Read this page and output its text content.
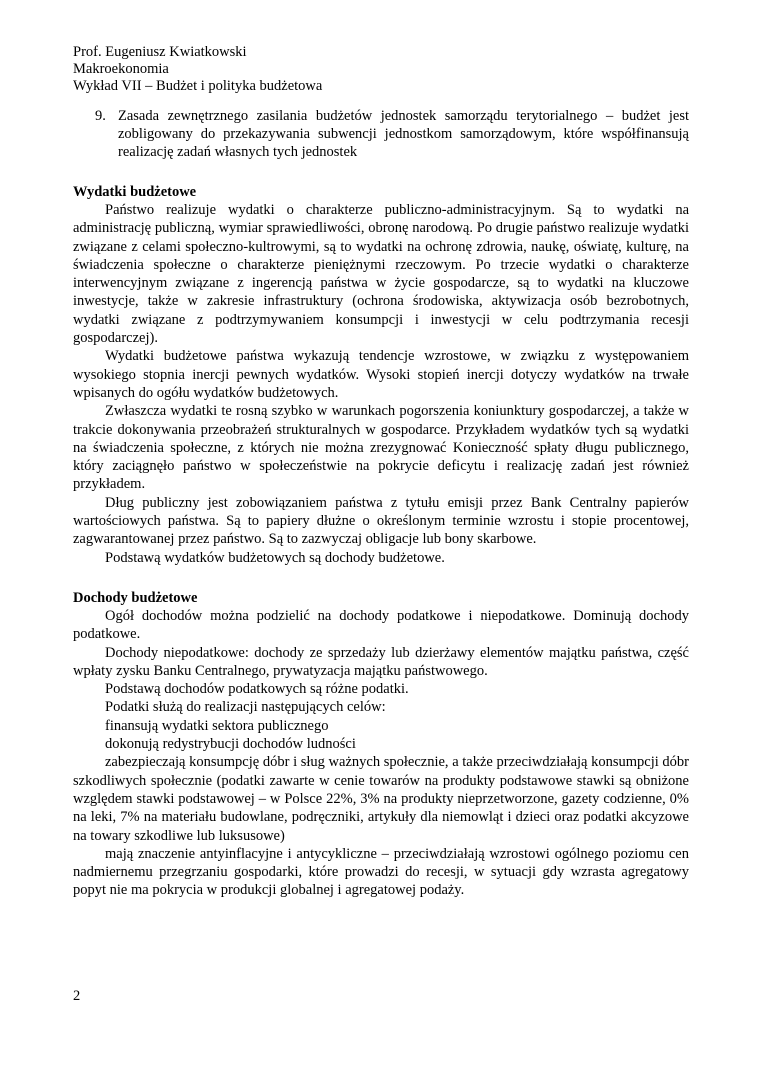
Prof. Eugeniusz Kwiatkowski
Makroekonomia
Wykład VII – Budżet i polityka budżetowa
9. Zasada zewnętrznego zasilania budżetów jednostek samorządu terytorialnego – budżet jest zobligowany do przekazywania subwencji jednostkom samorządowym, które współfinansują realizację zadań własnych tych jednostek
Wydatki budżetowe

Państwo realizuje wydatki o charakterze publiczno-administracyjnym. Są to wydatki na administrację publiczną, wymiar sprawiedliwości, obronę narodową. Po drugie państwo realizuje wydatki związane z celami społeczno-kultrowymi, są to wydatki na ochronę zdrowia, naukę, oświatę, kulturę, na świadczenia społeczne o charakterze pieniężnymi rzeczowym. Po trzecie wydatki o charakterze interwencyjnym związane z ingerencją państwa w życie gospodarcze, są to wydatki na kluczowe inwestycje, także w zakresie infrastruktury (ochrona środowiska, aktywizacja osób bezrobotnych, wydatki związane z podtrzymywaniem konsumpcji i inwestycji w celu podtrzymania recesji gospodarczej).

Wydatki budżetowe państwa wykazują tendencje wzrostowe, w związku z występowaniem wysokiego stopnia inercji pewnych wydatków. Wysoki stopień inercji dotyczy wydatków na trwałe wpisanych do ogółu wydatków budżetowych.

Zwłaszcza wydatki te rosną szybko w warunkach pogorszenia koniunktury gospodarczej, a także w trakcie dokonywania przeobrażeń strukturalnych w gospodarce. Przykładem wydatków tych są wydatki na świadczenia społeczne, z których nie można zrezygnować Konieczność spłaty długu publicznego, który zaciągnęło państwo w społeczeństwie na pokrycie deficytu i realizację zadań jest również przykładem.

Dług publiczny jest zobowiązaniem państwa z tytułu emisji przez Bank Centralny papierów wartościowych państwa. Są to papiery dłużne o określonym terminie wzrostu i stopie procentowej, zagwarantowanej przez państwo. Są to zazwyczaj obligacje lub bony skarbowe.

Podstawą wydatków budżetowych są dochody budżetowe.

Dochody budżetowe

Ogół dochodów można podzielić na dochody podatkowe i niepodatkowe. Dominują dochody podatkowe.

Dochody niepodatkowe: dochody ze sprzedaży lub dzierżawy elementów majątku państwa, część wpłaty zysku Banku Centralnego, prywatyzacja majątku państwowego.

Podstawą dochodów podatkowych są różne podatki.

Podatki służą do realizacji następujących celów:

finansują wydatki sektora publicznego

dokonują redystrybucji dochodów ludności

zabezpieczają konsumpcję dóbr i sług ważnych społecznie, a także przeciwdziałają konsumpcji dóbr szkodliwych społecznie (podatki zawarte w cenie towarów na produkty podstawowe stawki są obniżone względem stawki podstawowej – w Polsce 22%, 3% na produkty nieprzetworzone, gazety codzienne, 0% na leki, 7% na materiału budowlane, podręczniki, artykuły dla niemowląt i dzieci oraz podatki akcyzowe na towary szkodliwe lub luksusowe)

mają znaczenie antyinflacyjne i antycykliczne – przeciwdziałają wzrostowi ogólnego poziomu cen nadmiernemu przegrzaniu gospodarki, które prowadzi do recesji, w sytuacji gdy wzrasta agregatowy popyt nie ma pokrycia w produkcji globalnej i agregatowej podaży.

2
